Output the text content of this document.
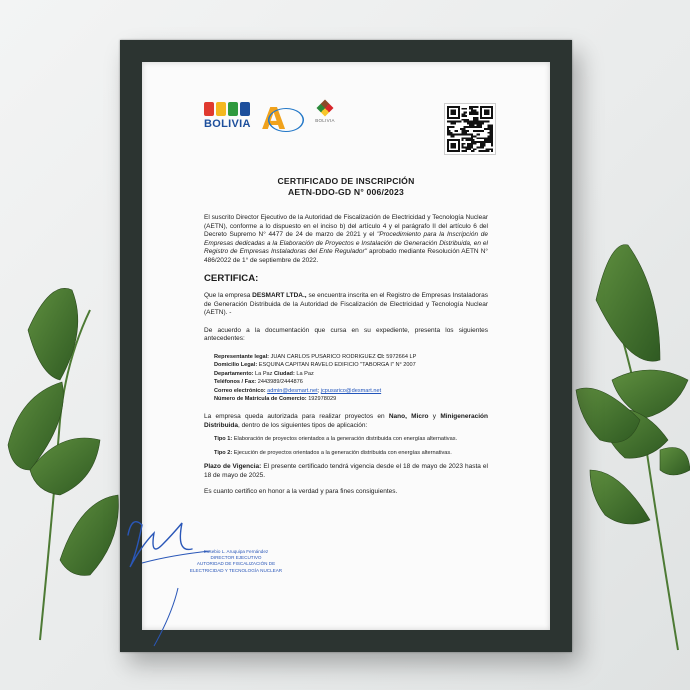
BOLIVIA A	BOLIVIA
CERTIFICADO DE INSCRIPCIÓN
AETN-DDO-GD N° 006/2023
El suscrito Director Ejecutivo de la Autoridad de Fiscalización de Electricidad y Tecnología Nuclear (AETN), conforme a lo dispuesto en el inciso b) del artículo 4 y el parágrafo II del artículo 6 del Decreto Supremo N° 4477 de 24 de marzo de 2021 y el "Procedimiento para la Inscripción de Empresas dedicadas a la Elaboración de Proyectos e Instalación de Generación Distribuida, en el Registro de Empresas Instaladoras del Ente Regulador" aprobado mediante Resolución AETN N° 486/2022 de 1° de septiembre de 2022.
CERTIFICA:
Que la empresa DESMART LTDA., se encuentra inscrita en el Registro de Empresas Instaladoras de Generación Distribuida de la Autoridad de Fiscalización de Electricidad y Tecnología Nuclear (AETN). -
De acuerdo a la documentación que cursa en su expediente, presenta los siguientes antecedentes:
Representante legal: JUAN CARLOS PUSARICO RODRIGUEZ CI: 5972664 LP
Domicilio Legal: ESQUINA CAPITAN RAVELO EDIFICIO "TABORGA I" N° 2007
Departamento: La Paz Ciudad: La Paz
Teléfonos / Fax: 2443989/2444876
Correo electrónico: admin@desmart.net; jcpusarico@desmart.net
Número de Matrícula de Comercio: 192978029
La empresa queda autorizada para realizar proyectos en Nano, Micro y Minigeneración Distribuida, dentro de los siguientes tipos de aplicación:
Tipo 1: Elaboración de proyectos orientados a la generación distribuida con energías alternativas.
Tipo 2: Ejecución de proyectos orientados a la generación distribuida con energías alternativas.
Plazo de Vigencia: El presente certificado tendrá vigencia desde el 18 de mayo de 2023 hasta el 18 de mayo de 2025.
Es cuanto certifico en honor a la verdad y para fines consiguientes.
Eusebio L. Aruquipa Fernández
DIRECTOR EJECUTIVO
AUTORIDAD DE FISCALIZACIÓN DE
ELECTRICIDAD Y TECNOLOGÍA NUCLEAR
